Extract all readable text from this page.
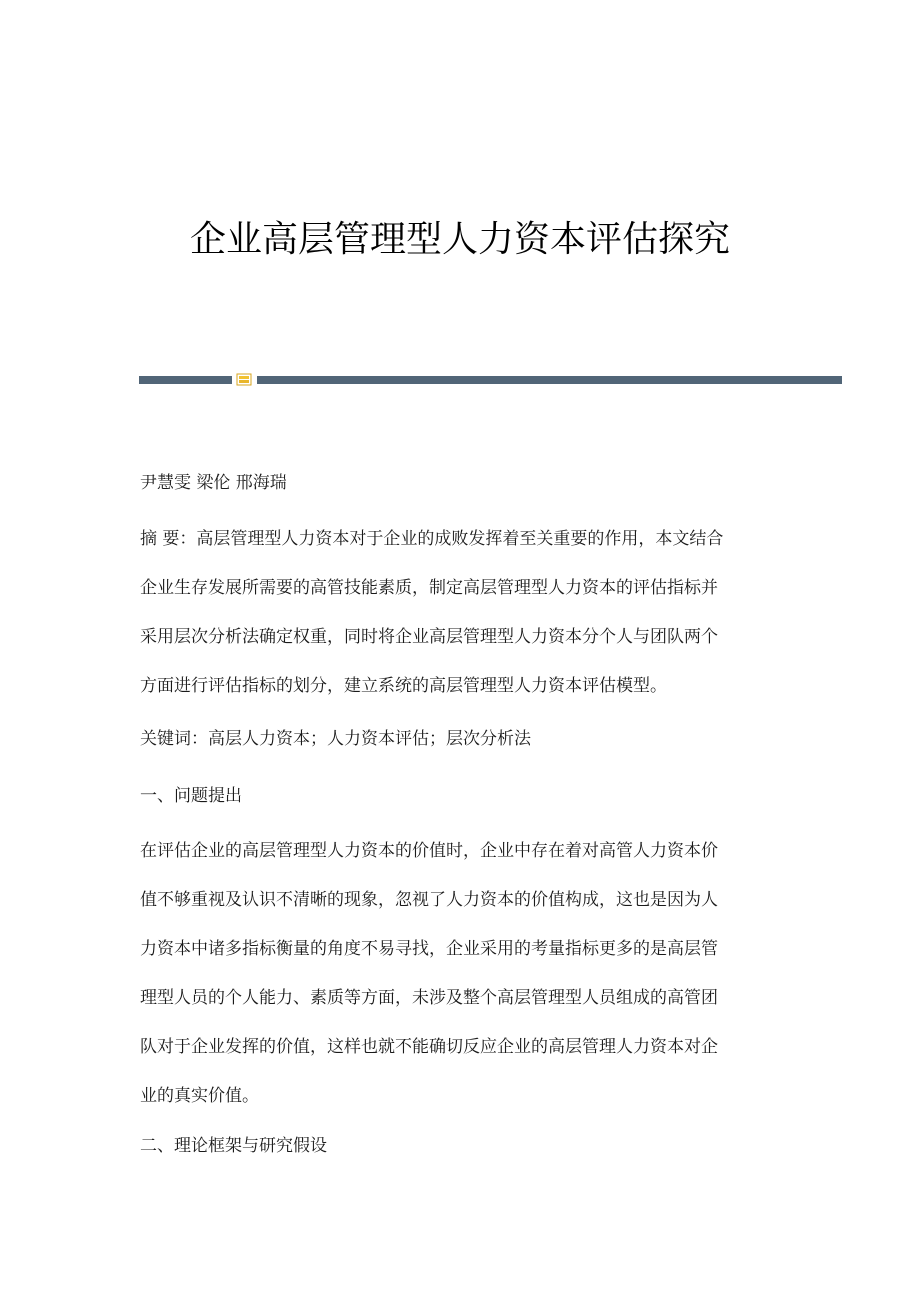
企业高层管理型人力资本评估探究
尹慧雯 梁伦 邢海瑞
摘 要：高层管理型人力资本对于企业的成败发挥着至关重要的作用，本文结合
企业生存发展所需要的高管技能素质，制定高层管理型人力资本的评估指标并
采用层次分析法确定权重，同时将企业高层管理型人力资本分个人与团队两个
方面进行评估指标的划分，建立系统的高层管理型人力资本评估模型。
关键词：高层人力资本；人力资本评估；层次分析法
一、问题提出
在评估企业的高层管理型人力资本的价值时，企业中存在着对高管人力资本价
值不够重视及认识不清晰的现象，忽视了人力资本的价值构成，这也是因为人
力资本中诸多指标衡量的角度不易寻找，企业采用的考量指标更多的是高层管
理型人员的个人能力、素质等方面，未涉及整个高层管理型人员组成的高管团
队对于企业发挥的价值，这样也就不能确切反应企业的高层管理人力资本对企
业的真实价值。
二、理论框架与研究假设
